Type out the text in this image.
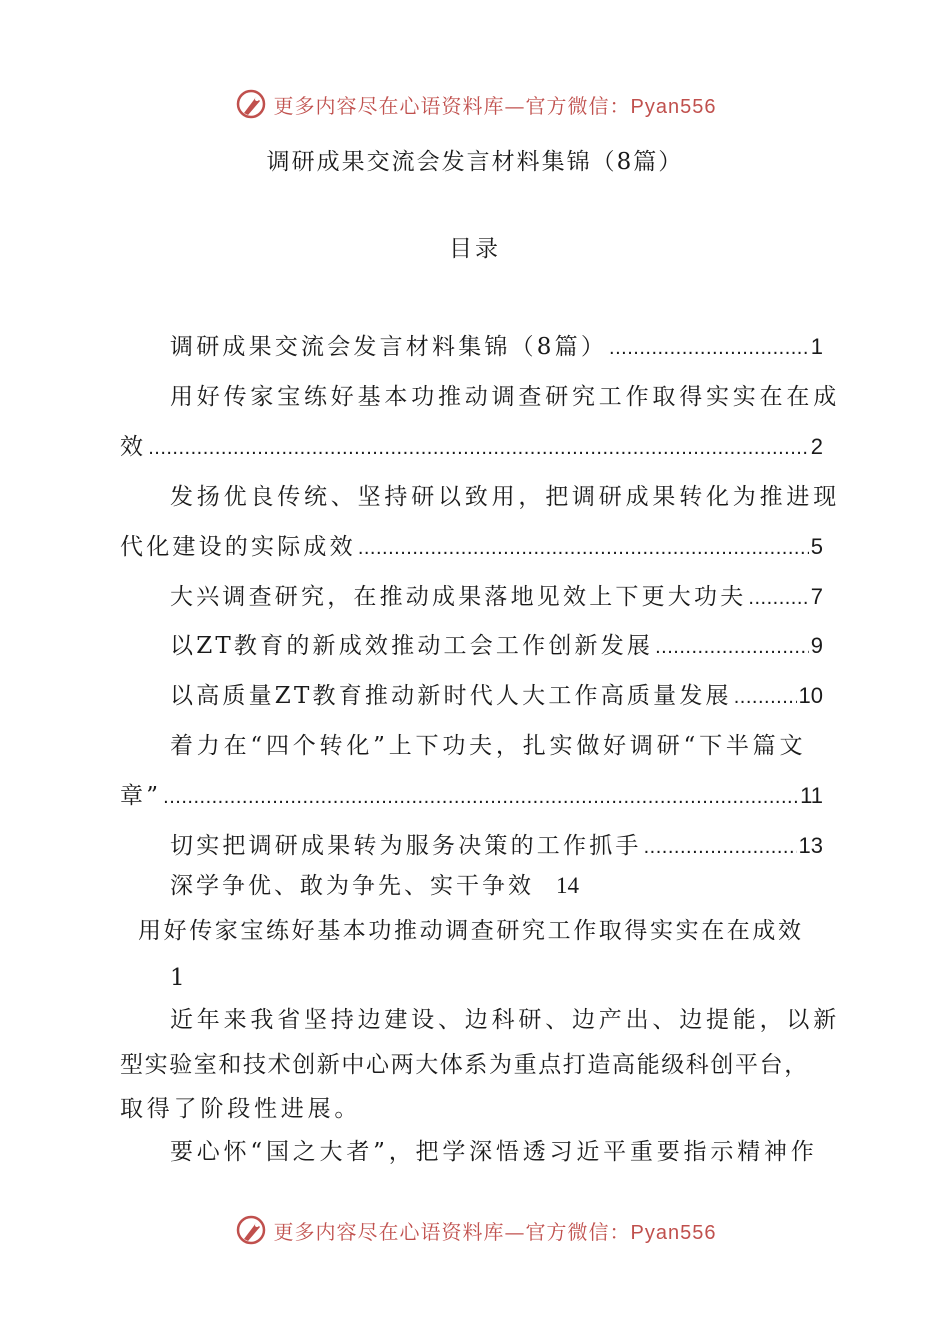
更多内容尽在心语资料库—官方微信：Pyan556
调研成果交流会发言材料集锦（8篇）
目录
调研成果交流会发言材料集锦（8篇） .....	1
用好传家宝练好基本功推动调查研究工作取得实实在在成
效 .....	2
发扬优良传统、坚持研以致用，把调研成果转化为推进现
代化建设的实际成效 .....	5
大兴调查研究，在推动成果落地见效上下更大功夫 .....	7
以ZT教育的新成效推动工会工作创新发展 .....	9
以高质量ZT教育推动新时代人大工作高质量发展 .....	10
着力在“四个转化”上下功夫，扎实做好调研“下半篇文
章” .....	11
切实把调研成果转为服务决策的工作抓手 .....	13
深学争优、敢为争先、实干争效 14
用好传家宝练好基本功推动调查研究工作取得实实在在成效
1
近年来我省坚持边建设、边科研、边产出、边提能，以新
型实验室和技术创新中心两大体系为重点打造高能级科创平台，
取得了阶段性进展。
要心怀“国之大者”，把学深悟透习近平重要指示精神作
更多内容尽在心语资料库—官方微信：Pyan556
